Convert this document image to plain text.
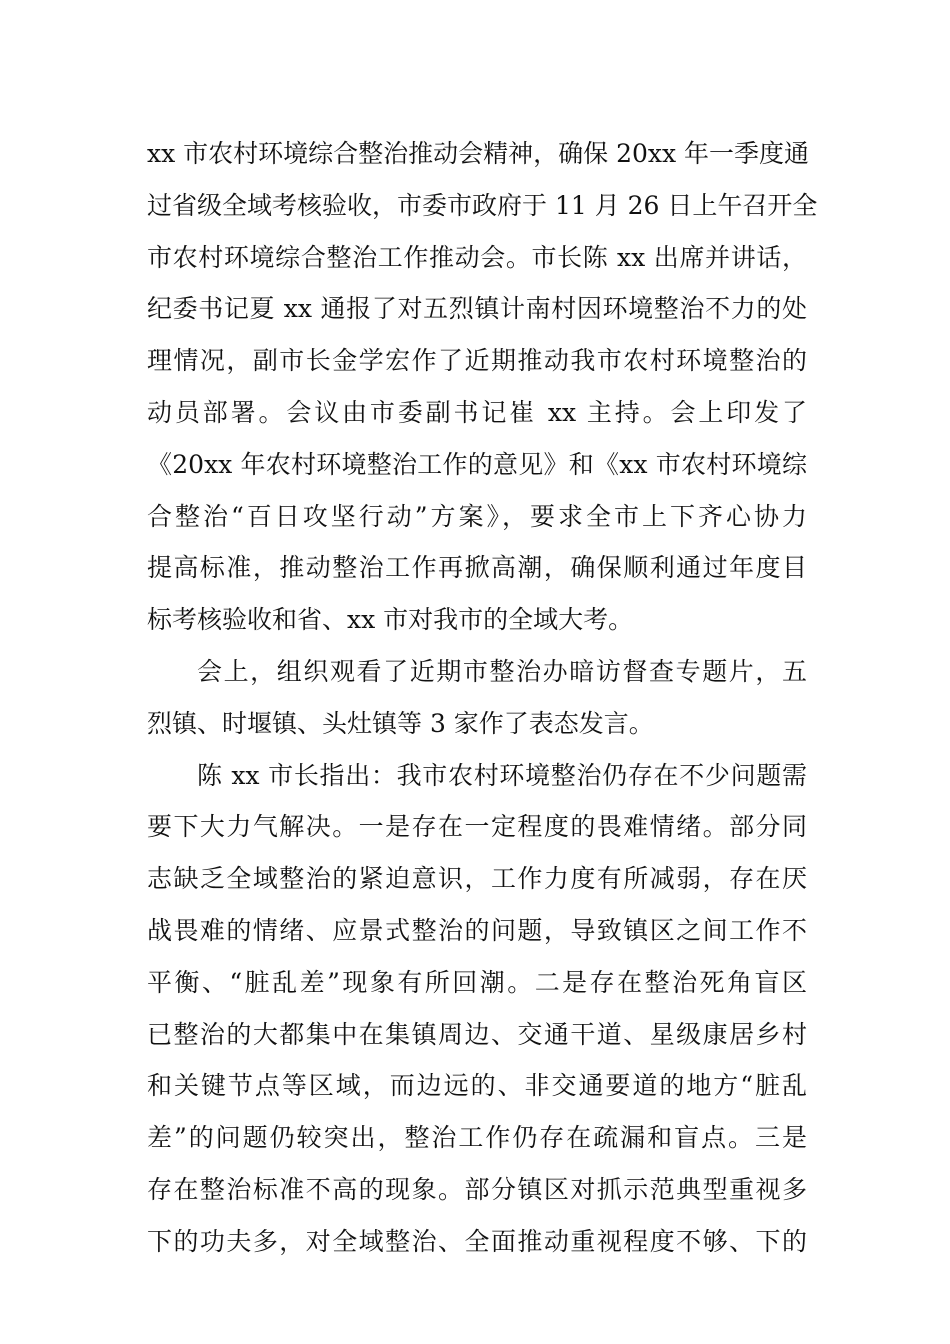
xx 市农村环境综合整治推动会精神，确保 20xx 年一季度通
过省级全域考核验收，市委市政府于 11 月 26 日上午召开全
市农村环境综合整治工作推动会。市长陈 xx 出席并讲话，
纪委书记夏 xx 通报了对五烈镇计南村因环境整治不力的处
理情况，副市长金学宏作了近期推动我市农村环境整治的
动员部署。会议由市委副书记崔 xx 主持。会上印发了
《20xx 年农村环境整治工作的意见》和《xx 市农村环境综
合整治“百日攻坚行动”方案》，要求全市上下齐心协力
提高标准，推动整治工作再掀高潮，确保顺利通过年度目
标考核验收和省、xx 市对我市的全域大考。
会上，组织观看了近期市整治办暗访督查专题片，五
烈镇、时堰镇、头灶镇等 3 家作了表态发言。
陈 xx 市长指出：我市农村环境整治仍存在不少问题需
要下大力气解决。一是存在一定程度的畏难情绪。部分同
志缺乏全域整治的紧迫意识，工作力度有所减弱，存在厌
战畏难的情绪、应景式整治的问题，导致镇区之间工作不
平衡、“脏乱差”现象有所回潮。二是存在整治死角盲区
已整治的大都集中在集镇周边、交通干道、星级康居乡村
和关键节点等区域，而边远的、非交通要道的地方“脏乱
差”的问题仍较突出，整治工作仍存在疏漏和盲点。三是
存在整治标准不高的现象。部分镇区对抓示范典型重视多
下的功夫多，对全域整治、全面推动重视程度不够、下的
